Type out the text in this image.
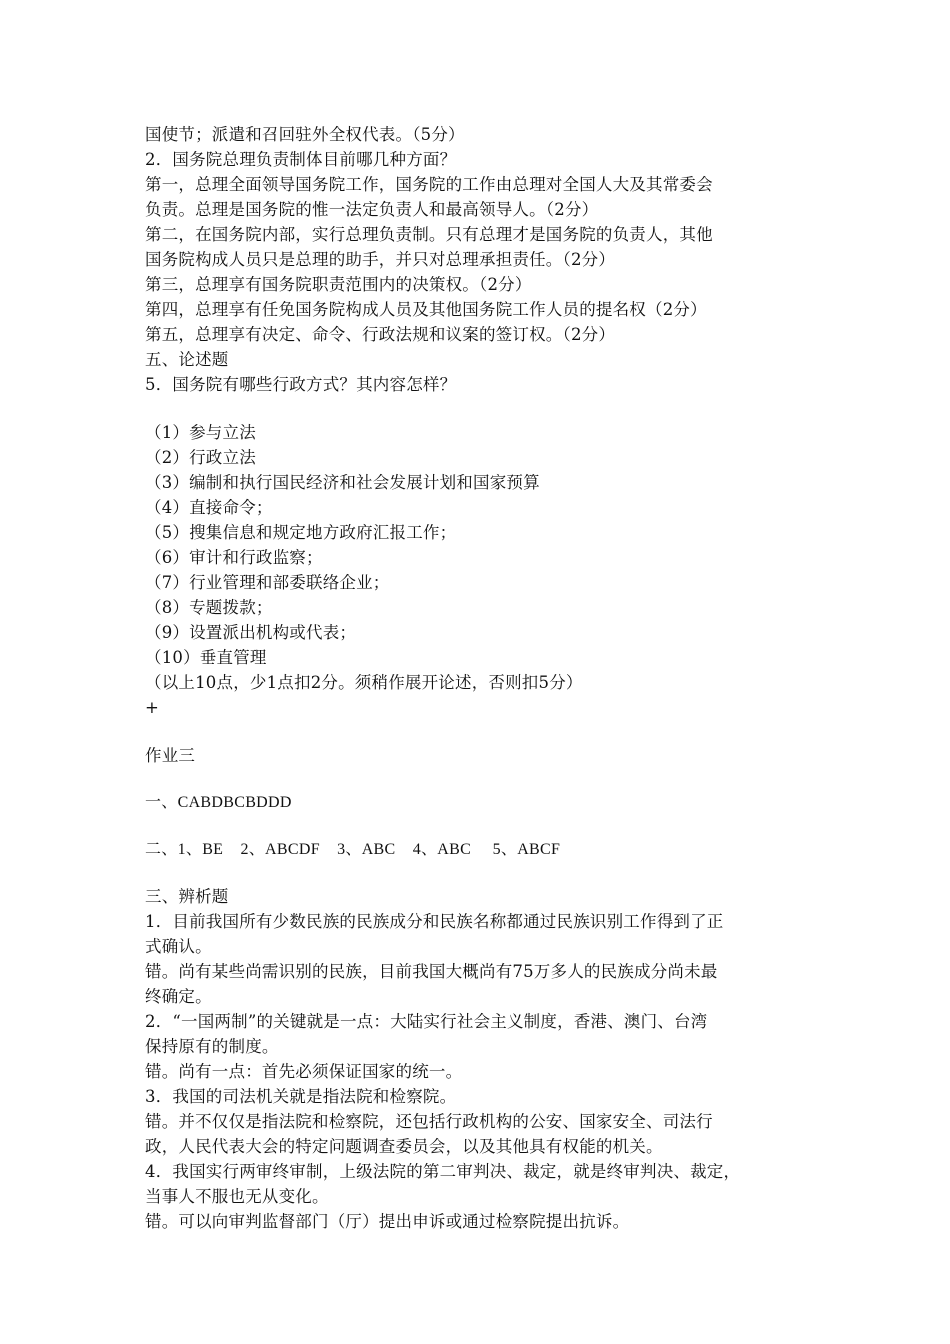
国使节；派遣和召回驻外全权代表。（5分）
2．国务院总理负责制体目前哪几种方面？
第一，总理全面领导国务院工作，国务院的工作由总理对全国人大及其常委会
负责。总理是国务院的惟一法定负责人和最高领导人。（2分）
第二，在国务院内部，实行总理负责制。只有总理才是国务院的负责人，其他
国务院构成人员只是总理的助手，并只对总理承担责任。（2分）
第三，总理享有国务院职责范围内的决策权。（2分）
第四，总理享有任免国务院构成人员及其他国务院工作人员的提名权（2分）
第五，总理享有决定、命令、行政法规和议案的签订权。（2分）
五、论述题
5．国务院有哪些行政方式？其内容怎样？
（1）参与立法
（2）行政立法
（3）编制和执行国民经济和社会发展计划和国家预算
（4）直接命令；
（5）搜集信息和规定地方政府汇报工作；
（6）审计和行政监察；
（7）行业管理和部委联络企业；
（8）专题拨款；
（9）设置派出机构或代表；
（10）垂直管理
（以上10点，少1点扣2分。须稍作展开论述，否则扣5分）
+
作业三
一、CABDBCBDDD
二、1、BE    2、ABCDF    3、ABC    4、ABC     5、ABCF
三、辨析题
1．目前我国所有少数民族的民族成分和民族名称都通过民族识别工作得到了正
式确认。
错。尚有某些尚需识别的民族，目前我国大概尚有75万多人的民族成分尚未最
终确定。
2．“一国两制”的关键就是一点：大陆实行社会主义制度，香港、澳门、台湾
保持原有的制度。
错。尚有一点：首先必须保证国家的统一。
3．我国的司法机关就是指法院和检察院。
错。并不仅仅是指法院和检察院，还包括行政机构的公安、国家安全、司法行
政，人民代表大会的特定问题调查委员会，以及其他具有权能的机关。
4．我国实行两审终审制，上级法院的第二审判决、裁定，就是终审判决、裁定，
当事人不服也无从变化。
错。可以向审判监督部门（厅）提出申诉或通过检察院提出抗诉。
